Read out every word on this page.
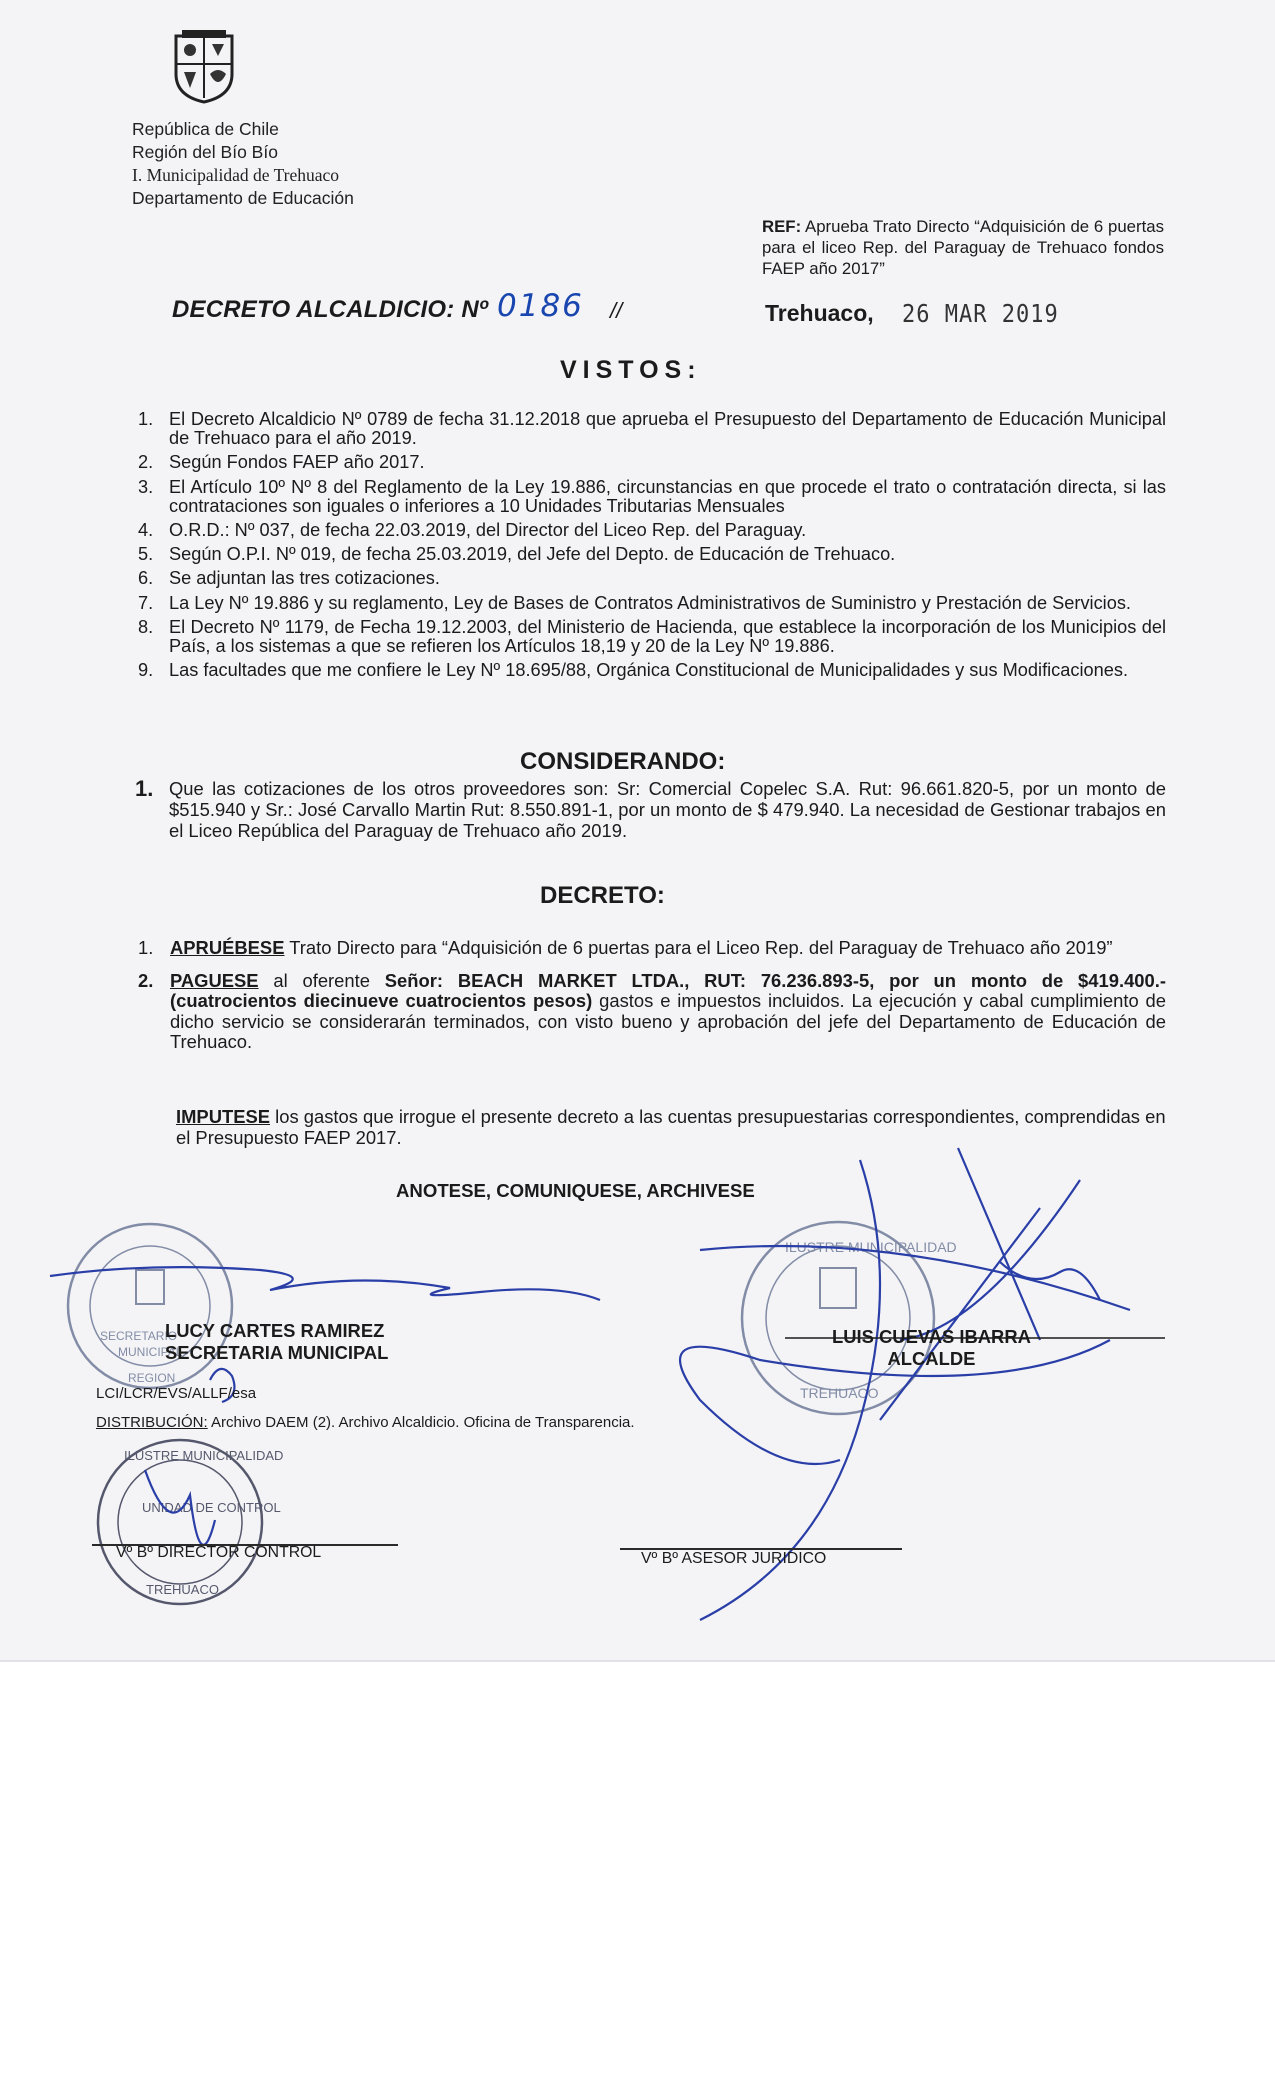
República de Chile
Región del Bío Bío
I. Municipalidad de Trehuaco
Departamento de Educación
REF: Aprueba Trato Directo “Adquisición de 6 puertas para el liceo Rep. del Paraguay de Trehuaco fondos FAEP año 2017”
DECRETO ALCALDICIO: Nº 0186 //	Trehuaco, 26 MAR 2019
VISTOS:
1. El Decreto Alcaldicio Nº 0789 de fecha 31.12.2018 que aprueba el Presupuesto del Departamento de Educación Municipal de Trehuaco para el año 2019.
2. Según Fondos FAEP año 2017.
3. El Artículo 10º Nº 8 del Reglamento de la Ley 19.886, circunstancias en que procede el trato o contratación directa, si las contrataciones son iguales o inferiores a 10 Unidades Tributarias Mensuales
4. O.R.D.: Nº 037, de fecha 22.03.2019, del Director del Liceo Rep. del Paraguay.
5. Según O.P.I. Nº 019, de fecha 25.03.2019, del Jefe del Depto. de Educación de Trehuaco.
6. Se adjuntan las tres cotizaciones.
7. La Ley Nº 19.886 y su reglamento, Ley de Bases de Contratos Administrativos de Suministro y Prestación de Servicios.
8. El Decreto Nº 1179, de Fecha 19.12.2003, del Ministerio de Hacienda, que establece la incorporación de los Municipios del País, a los sistemas a que se refieren los Artículos 18,19 y 20 de la Ley Nº 19.886.
9. Las facultades que me confiere le Ley Nº 18.695/88, Orgánica Constitucional de Municipalidades y sus Modificaciones.
CONSIDERANDO:
1. Que las cotizaciones de los otros proveedores son: Sr: Comercial Copelec S.A. Rut: 96.661.820-5, por un monto de $515.940 y Sr.: José Carvallo Martin Rut: 8.550.891-1, por un monto de $ 479.940. La necesidad de Gestionar trabajos en el Liceo República del Paraguay de Trehuaco año 2019.
DECRETO:
1. APRUÉBESE Trato Directo para “Adquisición de 6 puertas para el Liceo Rep. del Paraguay de Trehuaco año 2019”
2. PAGUESE al oferente Señor: BEACH MARKET LTDA., RUT: 76.236.893-5, por un monto de $419.400.- (cuatrocientos diecinueve cuatrocientos pesos) gastos e impuestos incluidos. La ejecución y cabal cumplimiento de dicho servicio se considerarán terminados, con visto bueno y aprobación del jefe del Departamento de Educación de Trehuaco.
IMPUTESE los gastos que irrogue el presente decreto a las cuentas presupuestarias correspondientes, comprendidas en el Presupuesto FAEP 2017.
ANOTESE, COMUNIQUESE, ARCHIVESE
SECRETARIO
MUNICIPAL
REGION
ILUSTRE MUNICIPALIDAD
TREHUACO
ILUSTRE MUNICIPALIDAD
UNIDAD DE CONTROL
TREHUACO
LUCY CARTES RAMIREZ
SECRETARIA MUNICIPAL
LUIS CUEVAS IBARRA
ALCALDE
LCI/LCR/EVS/ALLF/esa
DISTRIBUCIÓN: Archivo DAEM (2). Archivo Alcaldicio. Oficina de Transparencia.
Vº Bº DIRECTOR CONTROL	Vº Bº ASESOR JURIDICO
